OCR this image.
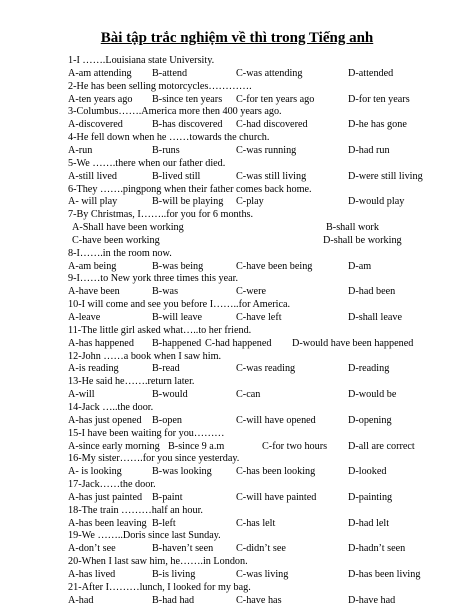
Bài tập trắc nghiệm về thì trong Tiếng anh
1-I …….Louisiana state University.
A-am attending B-attend	C-was attending	D-attended
2-He has been selling motorcycles………….
A-ten years ago B-since ten years C-for ten years ago	D-for ten years
3-Columbus…….America more then 400 years ago.
A-discovered	B-has discovered C-had discovered	D-he has gone
4-He fell down when he ……towards the church.
A-run	B-runs	C-was running	D-had run
5-We …….there when our father died.
A-still lived	B-lived still	C-was still living	D-were still living
6-They …….pingpong when their father comes back home.
A- will play	B-will be playing C-play	D-would play
7-By Christmas, I……..for you for 6 months.
A-Shall have been working	B-shall work
C-have been working	D-shall be working
8-I…….in the room now.
A-am being	B-was being	C-have been being	D-am
9-I……to New york three times this year.
A-have been	B-was	C-were	D-had been
10-I will come and see you before I……..for America.
A-leave	B-will leave	C-have left	D-shall leave
11-The little girl asked what…..to her friend.
A-has happened B-happened C-had happened D-would have been happened
12-John ……a book when I saw him.
A-is reading	B-read	C-was reading	D-reading
13-He said he…….return later.
A-will	B-would	C-can	D-would be
14-Jack …..the door.
A-has just opened B-open	C-will have opened	D-opening
15-I have been waiting for you………
A-since early morning B-since 9 a.m	C-for two hours D-all are correct
16-My sister…….for you since yesterday.
A- is looking	B-was looking C-has been looking	D-looked
17-Jack……the door.
A-has just painted B-paint	C-will have painted	D-painting
18-The train ………half an hour.
A-has been leaving B-left	C-has lelt	D-had lelt
19-We ……..Doris since last Sunday.
A-don’t see	B-haven’t seen C-didn’t see	D-hadn’t seen
20-When I last saw him, he…….in London.
A-has lived	B-is living	C-was living	D-has been living
21-After I………lunch, I looked for my bag.
A-had	B-had had	C-have has	D-have had
